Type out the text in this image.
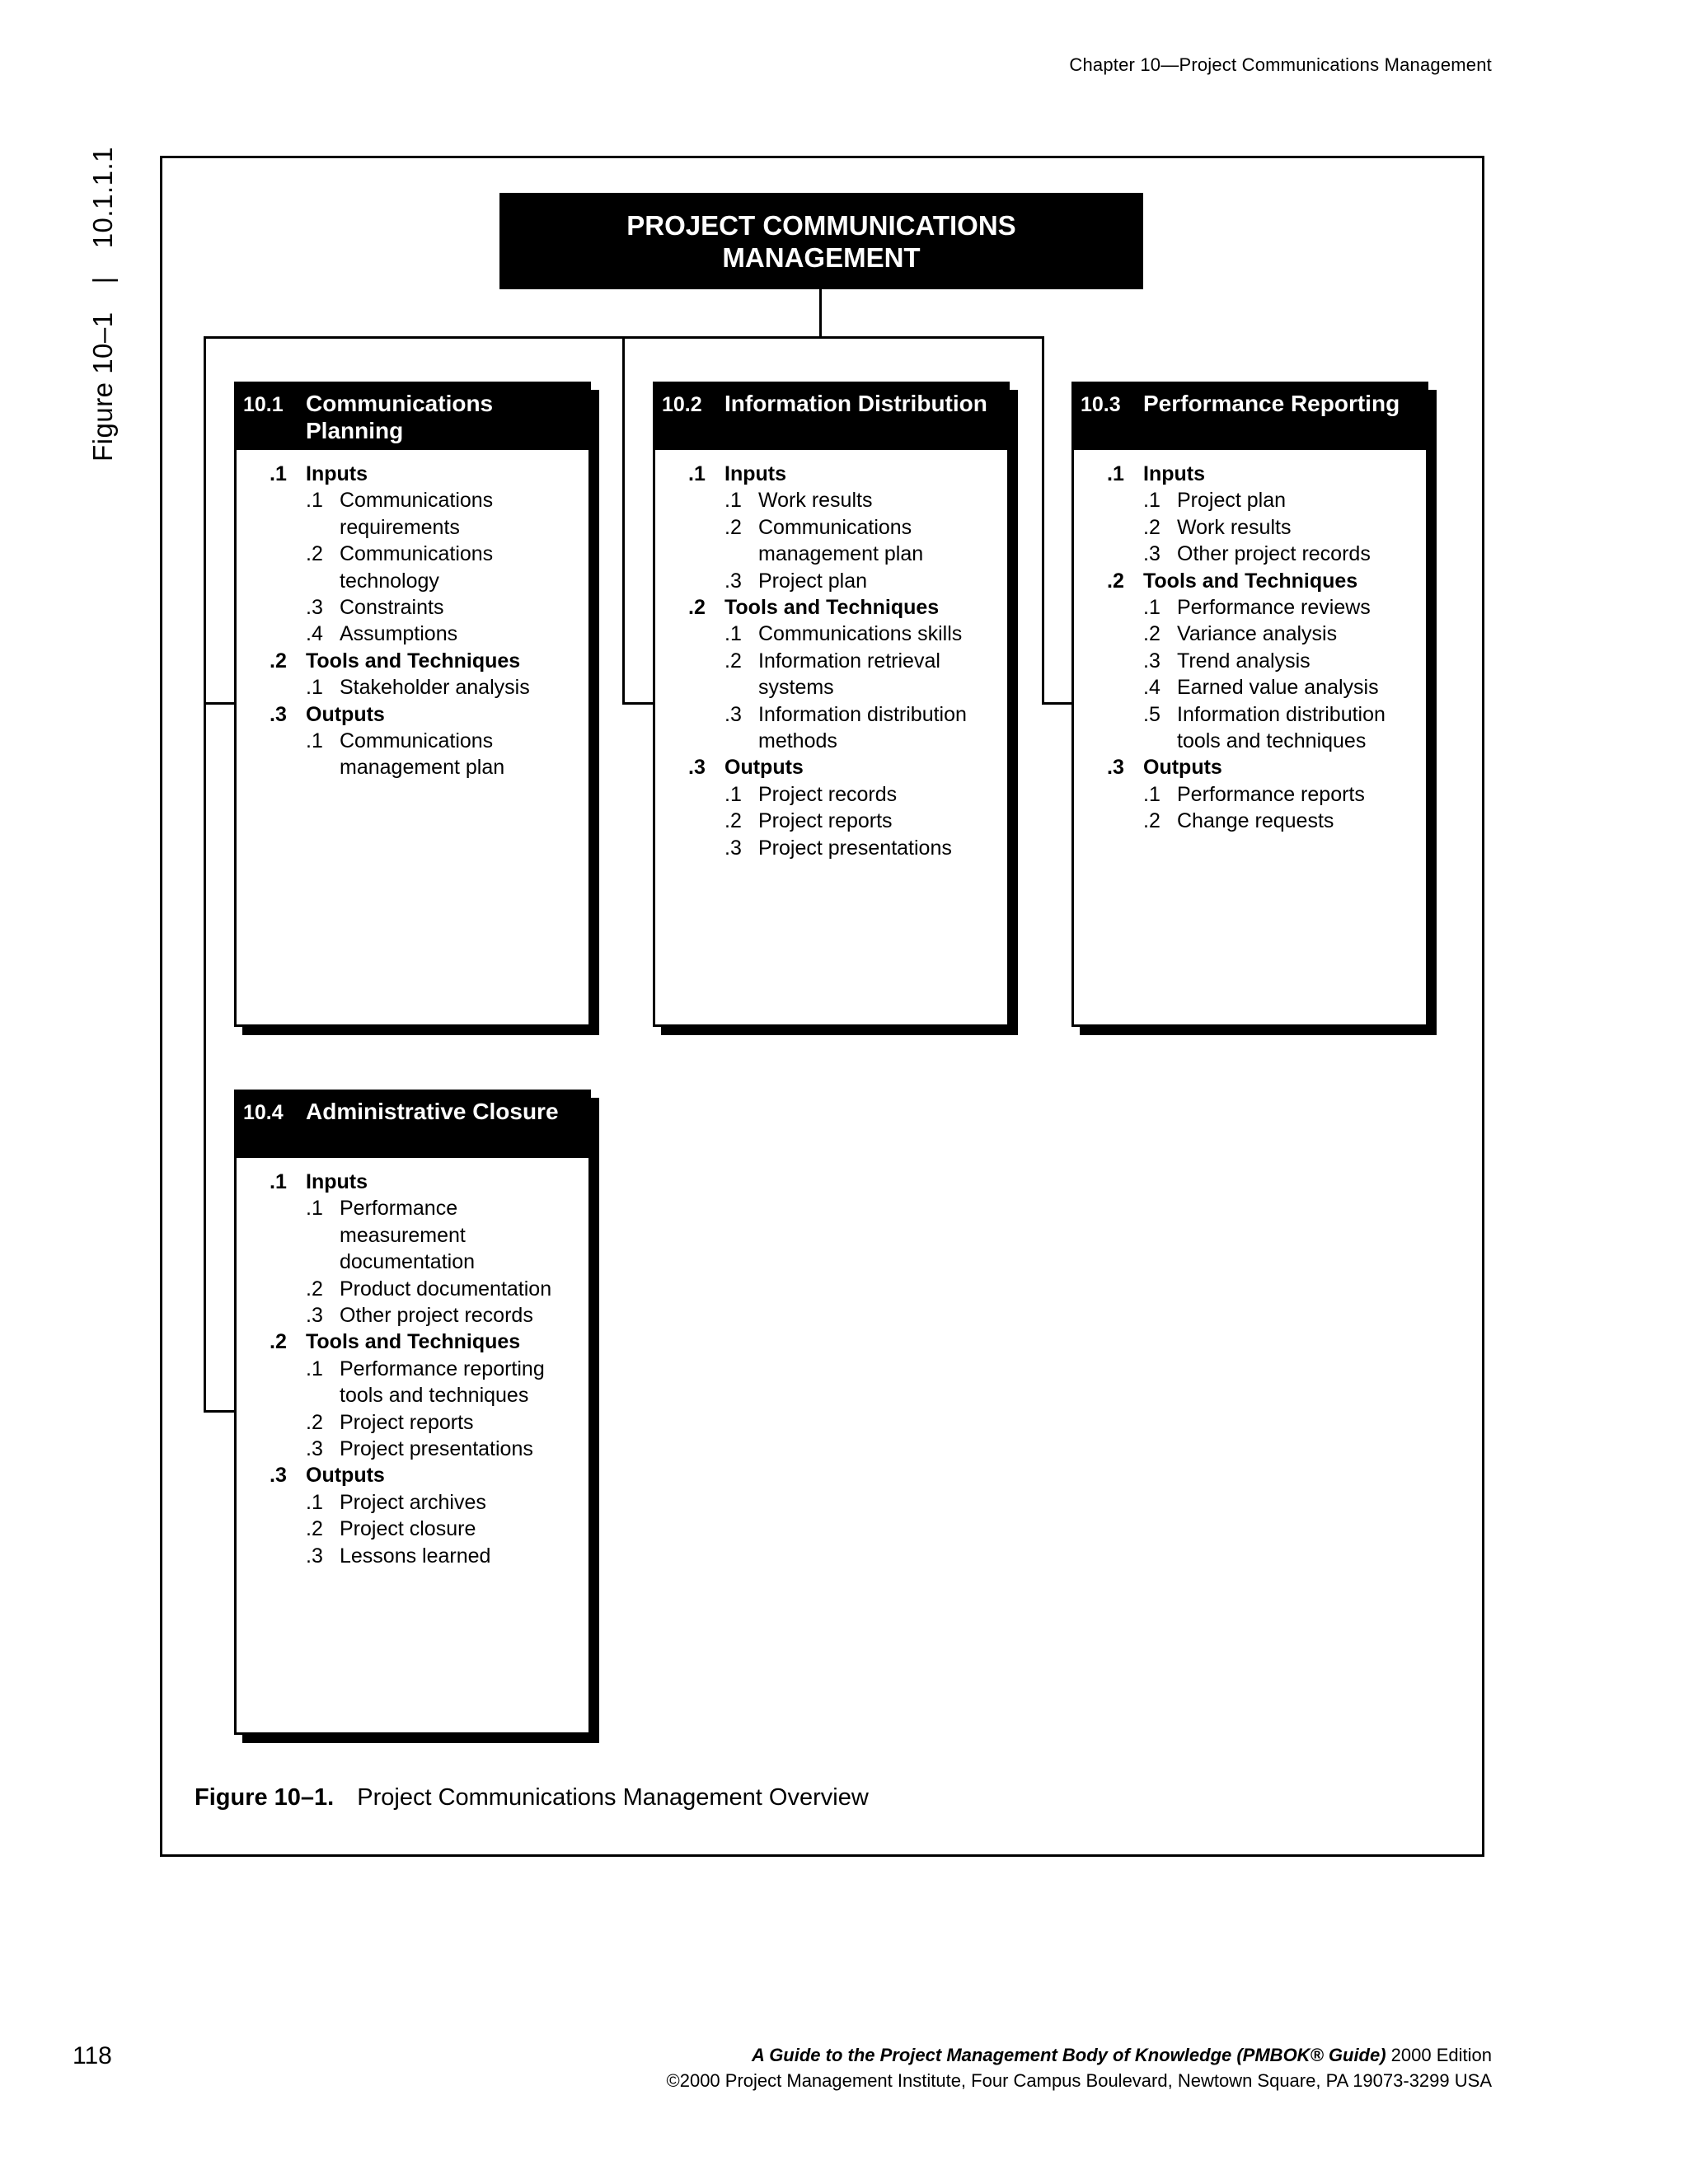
Chapter 10—Project Communications Management
Figure 10–1|10.1.1.1	PROJECT COMMUNICATIONS
MANAGEMENT
10.1 Communications Planning
.1 Inputs
.1 Communications requirements
.2 Communications technology
.3 Constraints
.4 Assumptions
.2 Tools and Techniques
.1 Stakeholder analysis
.3 Outputs
.1 Communications management plan
10.2 Information Distribution
.1 Inputs
.1 Work results
.2 Communications management plan
.3 Project plan
.2 Tools and Techniques
.1 Communications skills
.2 Information retrieval systems
.3 Information distribution methods
.3 Outputs
.1 Project records
.2 Project reports
.3 Project presentations
10.3 Performance Reporting
.1 Inputs
.1 Project plan
.2 Work results
.3 Other project records
.2 Tools and Techniques
.1 Performance reviews
.2 Variance analysis
.3 Trend analysis
.4 Earned value analysis
.5 Information distribution tools and techniques
.3 Outputs
.1 Performance reports
.2 Change requests
10.4 Administrative Closure
.1 Inputs
.1 Performance measurement documentation
.2 Product documentation
.3 Other project records
.2 Tools and Techniques
.1 Performance reporting tools and techniques
.2 Project reports
.3 Project presentations
.3 Outputs
.1 Project archives
.2 Project closure
.3 Lessons learned
Figure 10–1. Project Communications Management Overview
118	A Guide to the Project Management Body of Knowledge (PMBOK® Guide) 2000 Edition
©2000 Project Management Institute, Four Campus Boulevard, Newtown Square, PA 19073-3299 USA
